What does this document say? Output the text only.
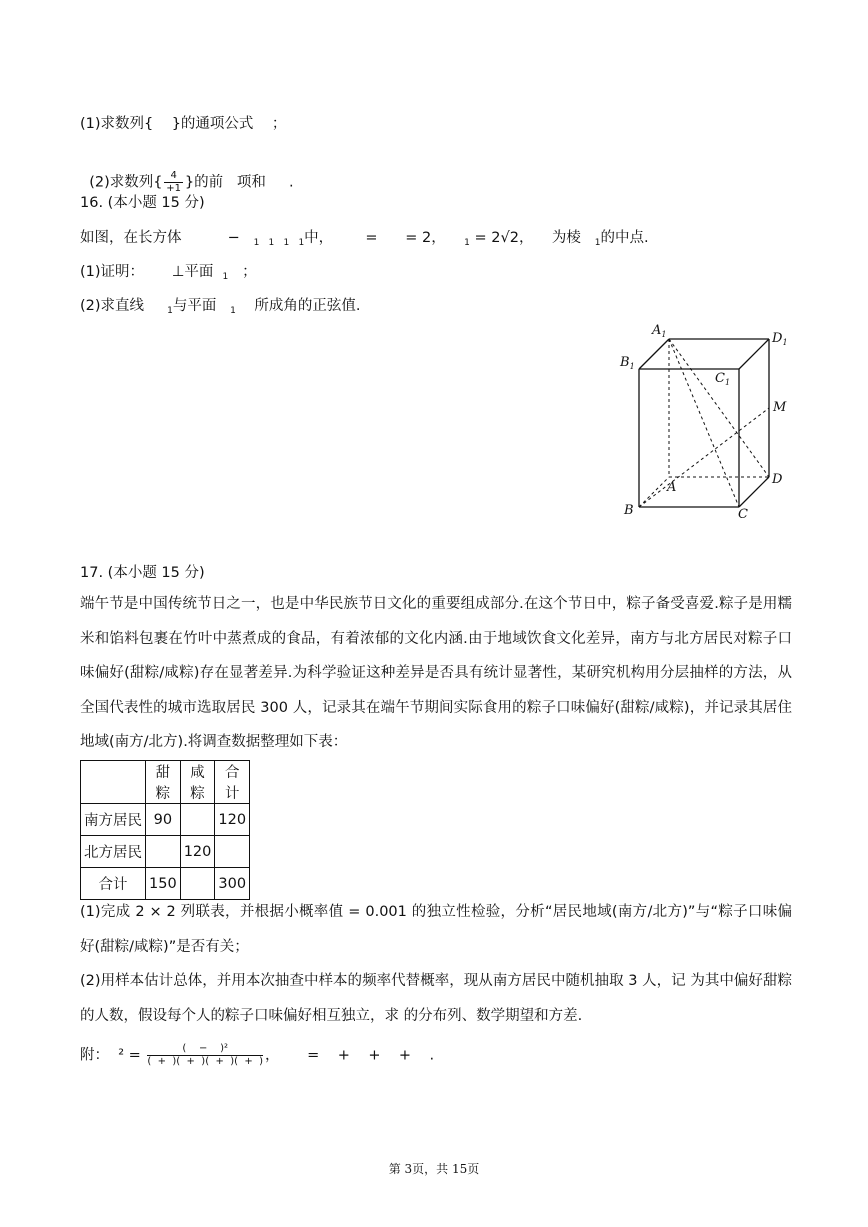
(1)求数列{    }的通项公式    ；

(2)求数列{ $\frac{4}{+1}$ }的前   项和     .

16. (本小题 15 分)
如图，在长方体          − $_1$ $_1$ $_1$ $_1$中，       =      = 2， $_1$ = 2√2，    为棱 $_1$的中点.
(1)证明：      ⊥平面 $_1$   ；
(2)求直线	$_1$与平面 $_1$    所成角的正弦值.
$A_1$
$B_1$
$C_1$
$D_1$
M
D
A
B	C
17. (本小题 15 分)
端午节是中国传统节日之一，也是中华民族节日文化的重要组成部分.在这个节日中，粽子备受喜爱.粽子是用糯米和馅料包裹在竹叶中蒸煮成的食品，有着浓郁的文化内涵.由于地域饮食文化差异，南方与北方居民对粽子口味偏好(甜粽/咸粽)存在显著差异.为科学验证这种差异是否具有统计显著性，某研究机构用分层抽样的方法，从全国代表性的城市选取居民 300 人，记录其在端午节期间实际食用的粽子口味偏好(甜粽/咸粽)，并记录其居住地域(南方/北方).将调查数据整理如下表：
	甜粽	咸粽	合计
南方居民	90		120
北方居民		120	
合计	150		300
(1)完成 2 × 2 列联表，并根据小概率值 = 0.001 的独立性检验，分析“居民地域(南方/北方)”与“粽子口味偏好(甜粽/咸粽)”是否有关；
(2)用样本估计总体，并用本次抽查中样本的频率代替概率，现从南方居民中随机抽取 3 人，记 为其中偏好甜粽的人数，假设每个人的粽子口味偏好相互独立，求 的分布列、数学期望和方差.
附：  $^2 = \frac{\text{(    −    )²}}{( + )( + )( + )( + )}$ ，      =    +    +    +    .
第 3页，共 15页
